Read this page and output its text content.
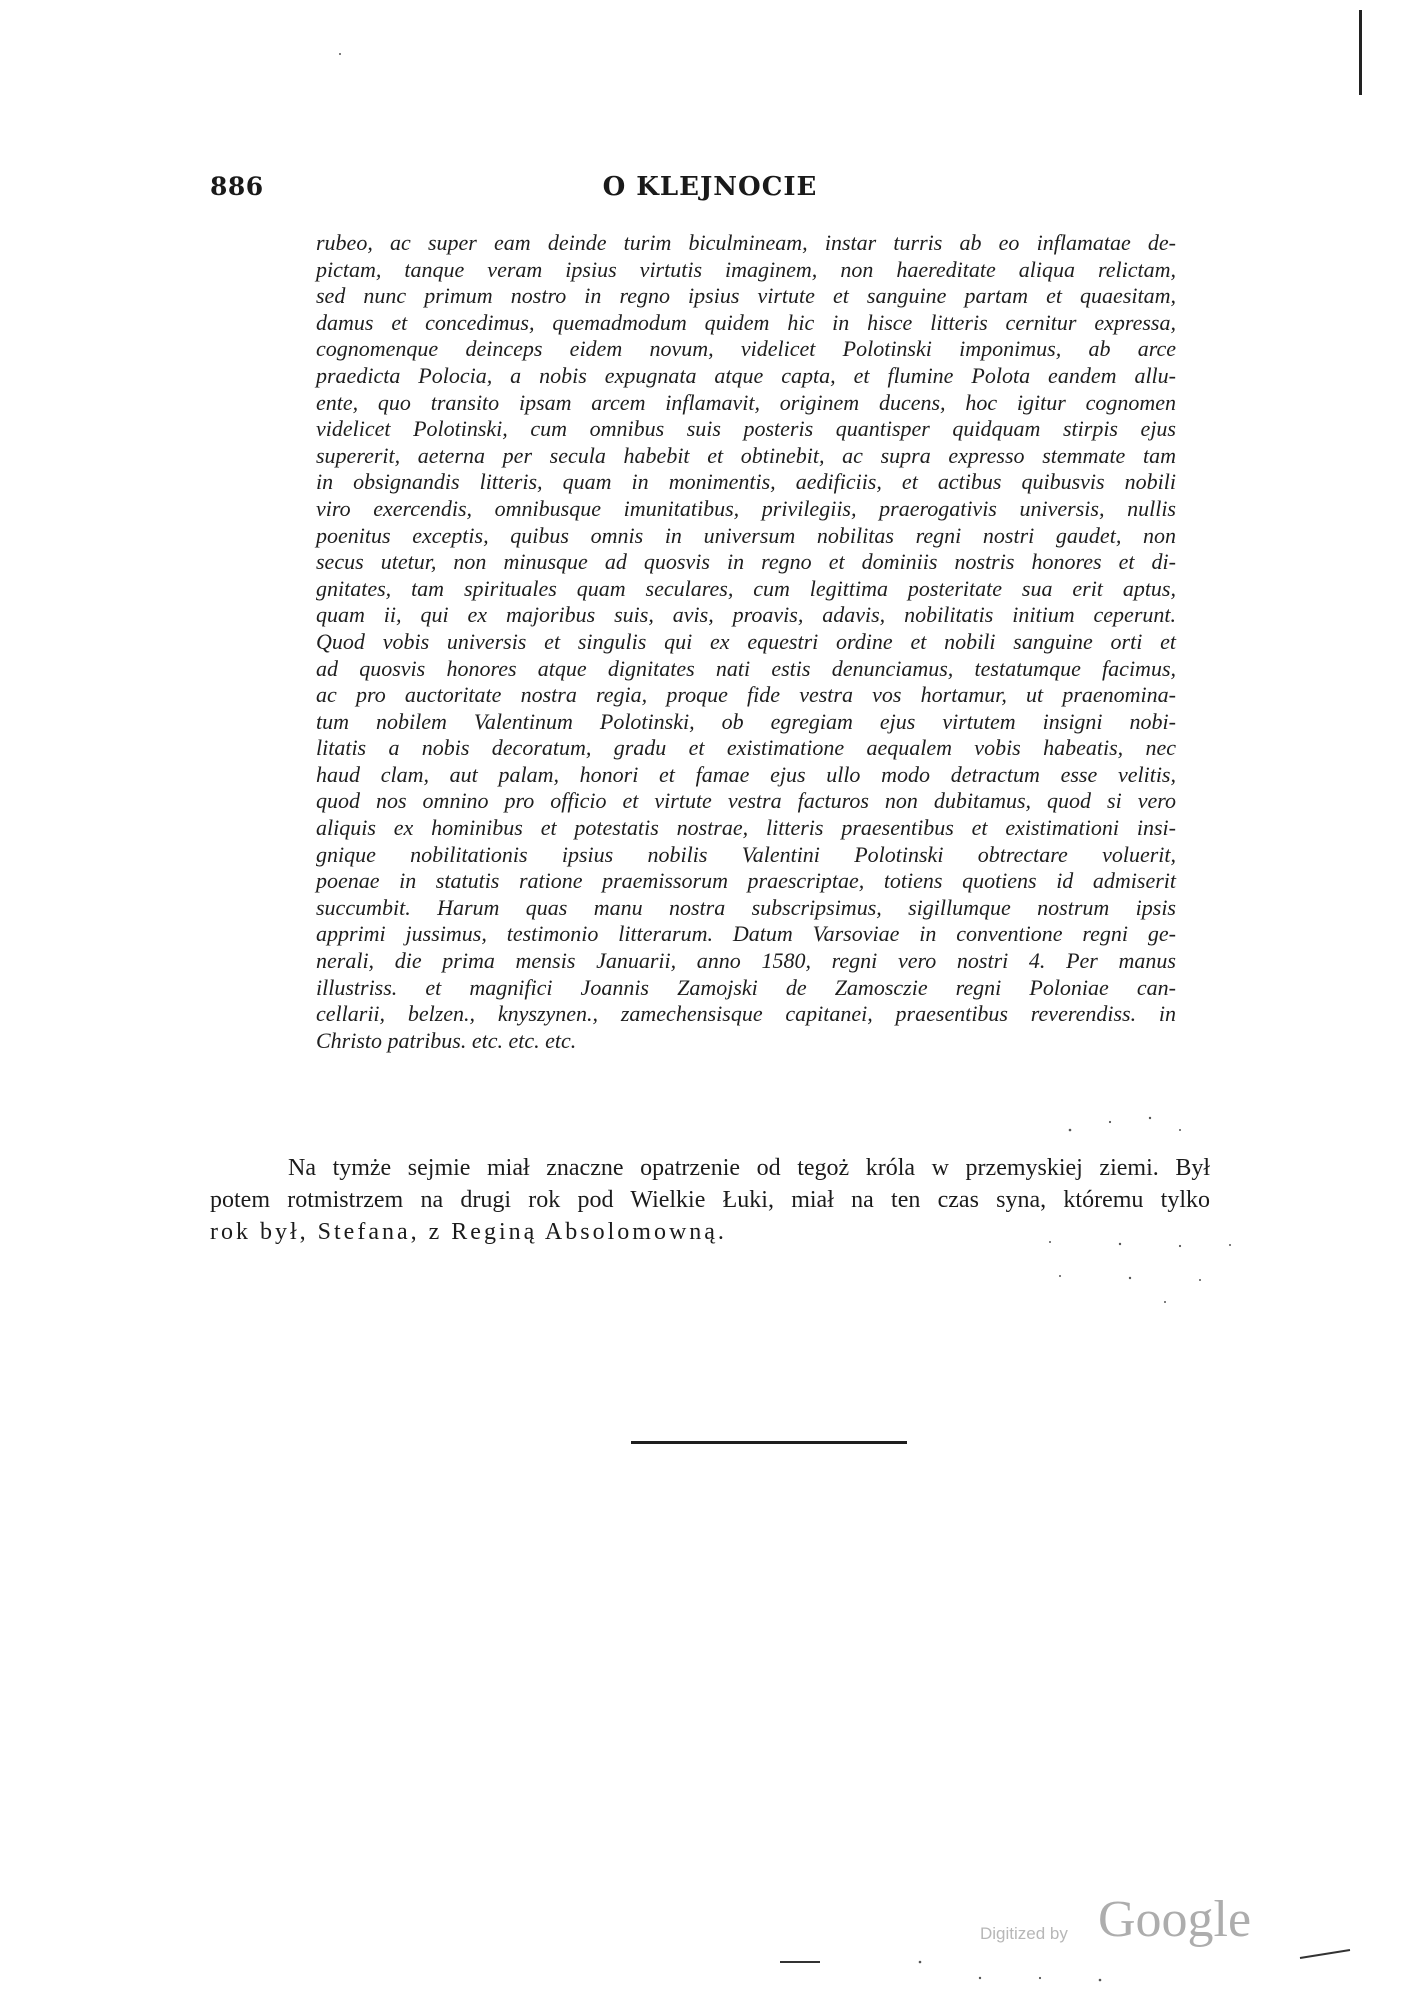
886	O KLEJNOCIE
rubeo, ac super eam deinde turim biculmineam, instar turris ab eo inflamatae de-
pictam, tanque veram ipsius virtutis imaginem, non haereditate aliqua relictam,
sed nunc primum nostro in regno ipsius virtute et sanguine partam et quaesitam,
damus et concedimus, quemadmodum quidem hic in hisce litteris cernitur expressa,
cognomenque deinceps eidem novum, videlicet Polotinski imponimus, ab arce
praedicta Polocia, a nobis expugnata atque capta, et flumine Polota eandem allu-
ente, quo transito ipsam arcem inflamavit, originem ducens, hoc igitur cognomen
videlicet Polotinski, cum omnibus suis posteris quantisper quidquam stirpis ejus
supererit, aeterna per secula habebit et obtinebit, ac supra expresso stemmate tam
in obsignandis litteris, quam in monimentis, aedificiis, et actibus quibusvis nobili
viro exercendis, omnibusque imunitatibus, privilegiis, praerogativis universis, nullis
poenitus exceptis, quibus omnis in universum nobilitas regni nostri gaudet, non
secus utetur, non minusque ad quosvis in regno et dominiis nostris honores et di-
gnitates, tam spirituales quam seculares, cum legittima posteritate sua erit aptus,
quam ii, qui ex majoribus suis, avis, proavis, adavis, nobilitatis initium ceperunt.
Quod vobis universis et singulis qui ex equestri ordine et nobili sanguine orti et
ad quosvis honores atque dignitates nati estis denunciamus, testatumque facimus,
ac pro auctoritate nostra regia, proque fide vestra vos hortamur, ut praenomina-
tum nobilem Valentinum Polotinski, ob egregiam ejus virtutem insigni nobi-
litatis a nobis decoratum, gradu et existimatione aequalem vobis habeatis, nec
haud clam, aut palam, honori et famae ejus ullo modo detractum esse velitis,
quod nos omnino pro officio et virtute vestra facturos non dubitamus, quod si vero
aliquis ex hominibus et potestatis nostrae, litteris praesentibus et existimationi insi-
gnique nobilitationis ipsius nobilis Valentini Polotinski obtrectare voluerit,
poenae in statutis ratione praemissorum praescriptae, totiens quotiens id admiserit
succumbit. Harum quas manu nostra subscripsimus, sigillumque nostrum ipsis
apprimi jussimus, testimonio litterarum. Datum Varsoviae in conventione regni ge-
nerali, die prima mensis Januarii, anno 1580, regni vero nostri 4. Per manus
illustriss. et magnifici Joannis Zamojski de Zamosczie regni Poloniae can-
cellarii, belzen., knyszynen., zamechensisque capitanei, praesentibus reverendiss. in
Christo patribus. etc. etc. etc.
Na tymże sejmie miał znaczne opatrzenie od tegoż króla w przemyskiej ziemi. Był
potem rotmistrzem na drugi rok pod Wielkie Łuki, miał na ten czas syna, któremu tylko
rok był, Stefana, z Reginą Absolomowną.
Digitized by Google
